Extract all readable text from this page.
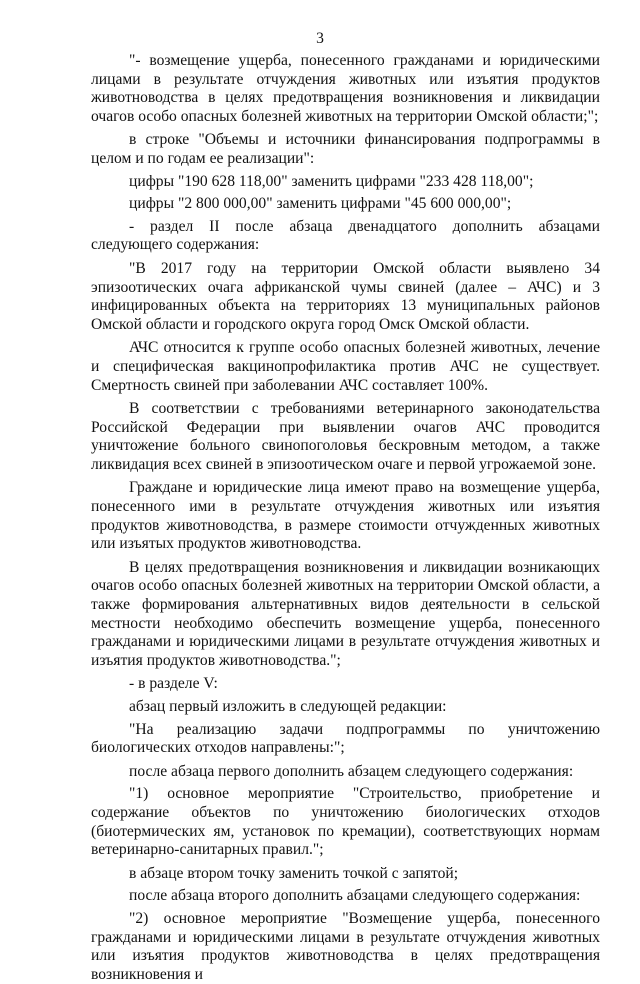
3

"- возмещение ущерба, понесенного гражданами и юридическими лицами в результате отчуждения животных или изъятия продуктов животноводства в целях предотвращения возникновения и ликвидации очагов особо опасных болезней животных на территории Омской области;";

в строке "Объемы и источники финансирования подпрограммы в целом и по годам ее реализации":

цифры "190 628 118,00" заменить цифрами "233 428 118,00";

цифры "2 800 000,00" заменить цифрами "45 600 000,00";

- раздел II после абзаца двенадцатого дополнить абзацами следующего содержания:

"В 2017 году на территории Омской области выявлено 34 эпизоотических очага африканской чумы свиней (далее – АЧС) и 3 инфицированных объекта на территориях 13 муниципальных районов Омской области и городского округа город Омск Омской области.

АЧС относится к группе особо опасных болезней животных, лечение и специфическая вакцинопрофилактика против АЧС не существует. Смертность свиней при заболевании АЧС составляет 100%.

В соответствии с требованиями ветеринарного законодательства Российской Федерации при выявлении очагов АЧС проводится уничтожение больного свинопоголовья бескровным методом, а также ликвидация всех свиней в эпизоотическом очаге и первой угрожаемой зоне.

Граждане и юридические лица имеют право на возмещение ущерба, понесенного ими в результате отчуждения животных или изъятия продуктов животноводства, в размере стоимости отчужденных животных или изъятых продуктов животноводства.

В целях предотвращения возникновения и ликвидации возникающих очагов особо опасных болезней животных на территории Омской области, а также формирования альтернативных видов деятельности в сельской местности необходимо обеспечить возмещение ущерба, понесенного гражданами и юридическими лицами в результате отчуждения животных и изъятия продуктов животноводства.";

- в разделе V:

абзац первый изложить в следующей редакции:

"На реализацию задачи подпрограммы по уничтожению биологических отходов направлены:";

после абзаца первого дополнить абзацем следующего содержания:

"1) основное мероприятие "Строительство, приобретение и содержание объектов по уничтожению биологических отходов (биотермических ям, установок по кремации), соответствующих нормам ветеринарно-санитарных правил.";

в абзаце втором точку заменить точкой с запятой;

после абзаца второго дополнить абзацами следующего содержания:

"2) основное мероприятие "Возмещение ущерба, понесенного гражданами и юридическими лицами в результате отчуждения животных или изъятия продуктов животноводства в целях предотвращения возникновения и
